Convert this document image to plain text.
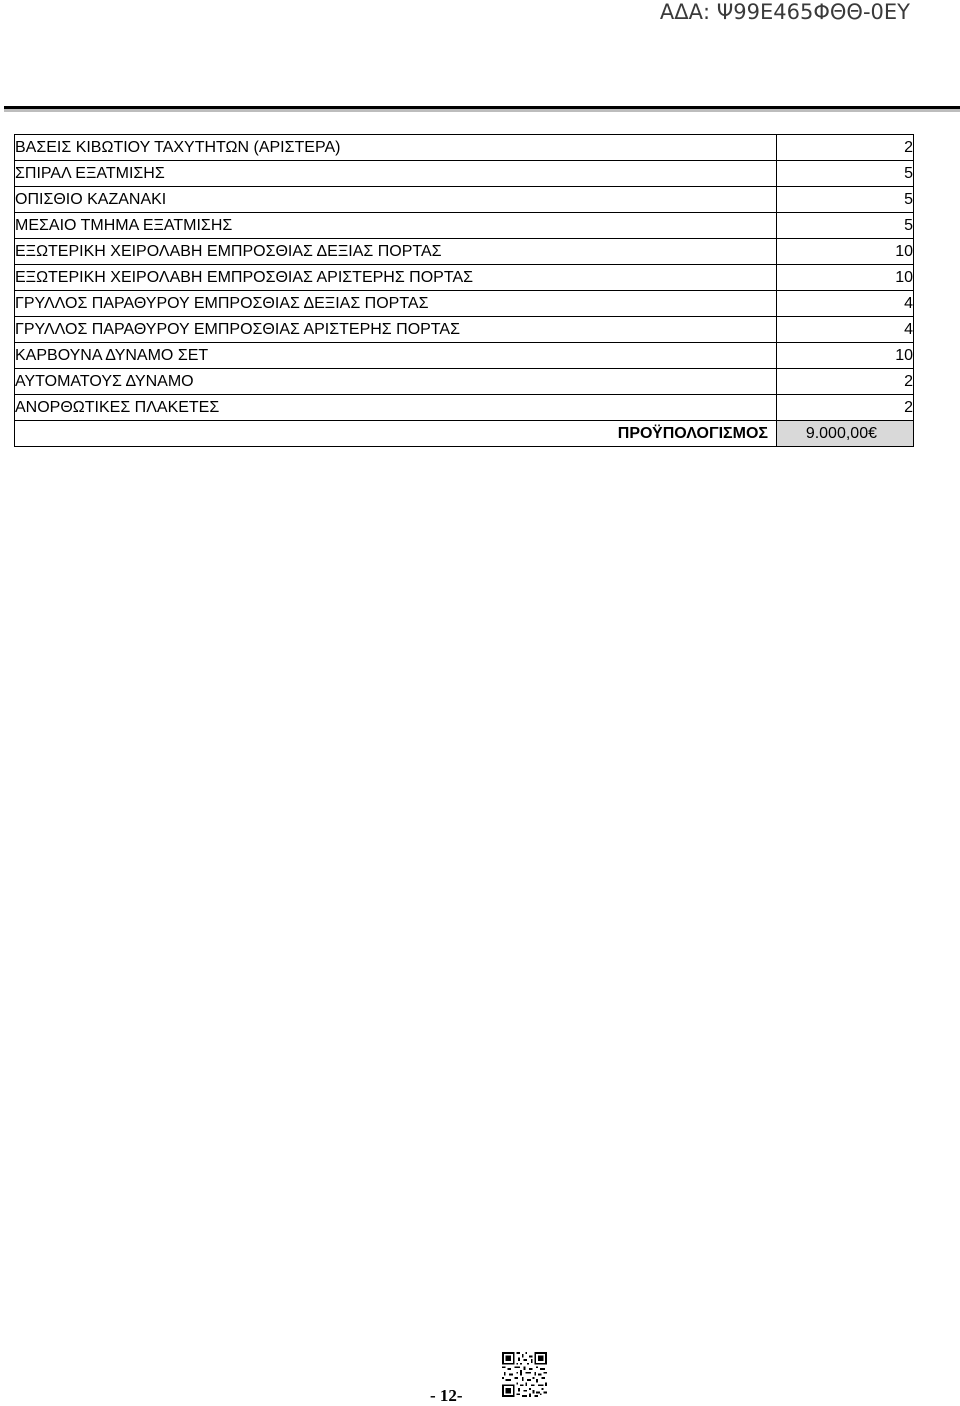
ΑΔΑ: Ψ99Ε465ΦΘΘ-0ΕΥ
ΒΑΣΕΙΣ ΚΙΒΩΤΙΟΥ ΤΑΧΥΤΗΤΩΝ (ΑΡΙΣΤΕΡΑ)	2
ΣΠΙΡΑΛ ΕΞΑΤΜΙΣΗΣ	5
ΟΠΙΣΘΙΟ ΚΑΖΑΝΑΚΙ	5
ΜΕΣΑΙΟ ΤΜΗΜΑ ΕΞΑΤΜΙΣΗΣ	5
ΕΞΩΤΕΡΙΚΗ ΧΕΙΡΟΛΑΒΗ ΕΜΠΡΟΣΘΙΑΣ ΔΕΞΙΑΣ ΠΟΡΤΑΣ	10
ΕΞΩΤΕΡΙΚΗ ΧΕΙΡΟΛΑΒΗ ΕΜΠΡΟΣΘΙΑΣ ΑΡΙΣΤΕΡΗΣ ΠΟΡΤΑΣ	10
ΓΡΥΛΛΟΣ ΠΑΡΑΘΥΡΟΥ ΕΜΠΡΟΣΘΙΑΣ ΔΕΞΙΑΣ ΠΟΡΤΑΣ	4
ΓΡΥΛΛΟΣ ΠΑΡΑΘΥΡΟΥ ΕΜΠΡΟΣΘΙΑΣ ΑΡΙΣΤΕΡΗΣ ΠΟΡΤΑΣ	4
ΚΑΡΒΟΥΝΑ ΔΥΝΑΜΟ ΣΕΤ	10
ΑΥΤΟΜΑΤΟΥΣ ΔΥΝΑΜΟ	2
ΑΝΟΡΘΩΤΙΚΕΣ ΠΛΑΚΕΤΕΣ	2
ΠΡΟΫΠΟΛΟΓΙΣΜΟΣ	9.000,00€
- 12-
